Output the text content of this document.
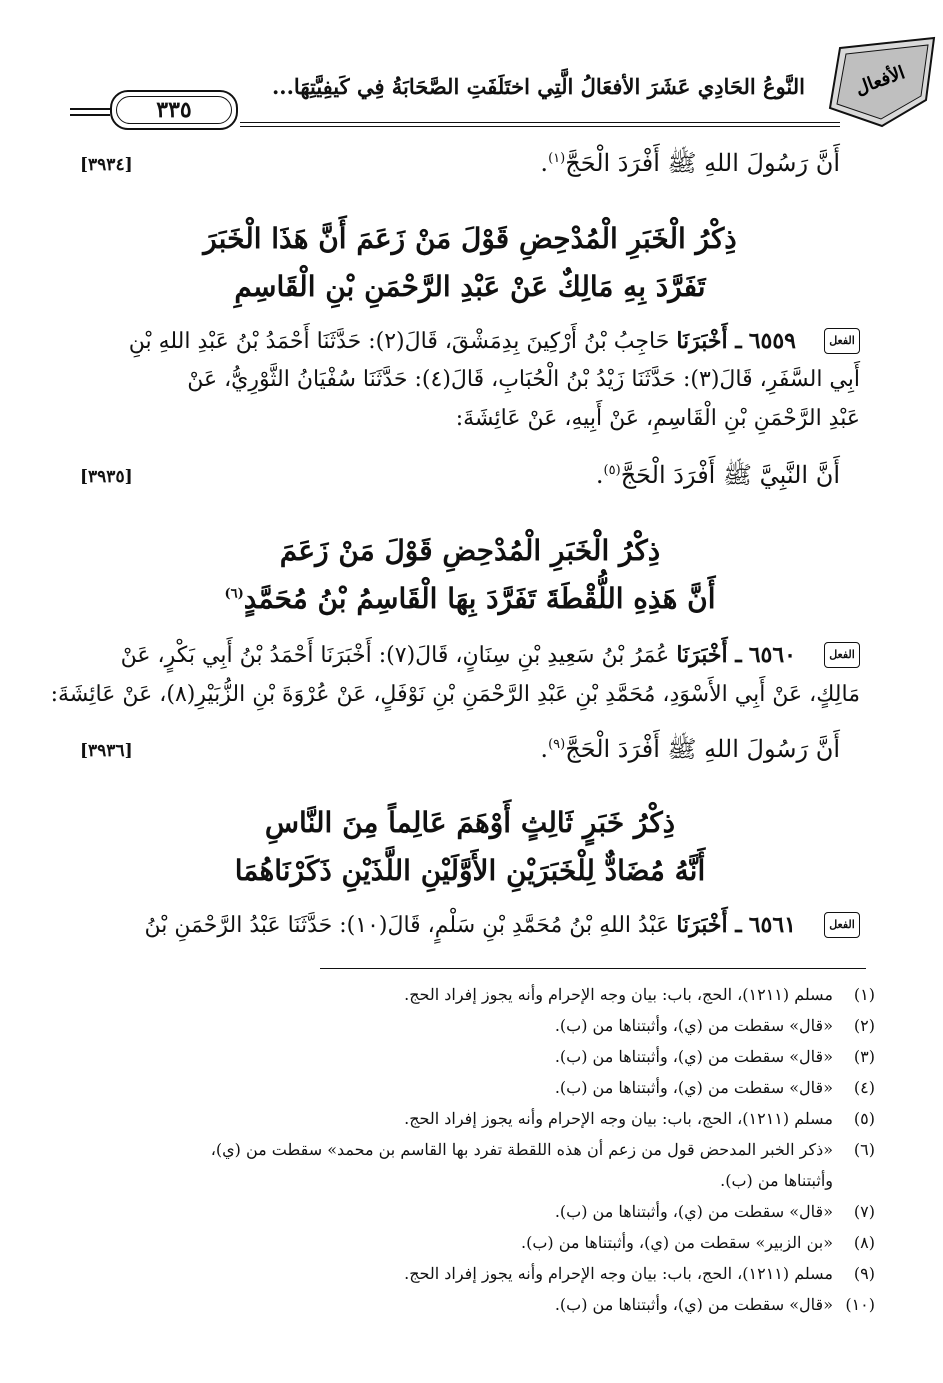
الأفعال
النَّوعُ الحَادِي عَشَرَ الأفعَالُ الَّتِي اختَلَفَتِ الصَّحَابَةُ فِي كَيفِيَّتِهَا...
٣٣٥
أَنَّ رَسُولَ اللهِ ﷺ أَفْرَدَ الْحَجَّ$^{(١)}$.
[٣٩٣٤]
ذِكْرُ الْخَبَرِ الْمُدْحِضِ قَوْلَ مَنْ زَعَمَ أَنَّ هَذَا الْخَبَرَ
تَفَرَّدَ بِهِ مَالِكٌ عَنْ عَبْدِ الرَّحْمَنِ بْنِ الْقَاسِمِ
الفعل
٦٥٥٩ ـ أَخْبَرَنَا حَاجِبُ بْنُ أَرْكِينَ بِدِمَشْقَ، قَالَ(٢): حَدَّثَنَا أَحْمَدُ بْنُ عَبْدِ اللهِ بْنِ
أَبِي السَّفَرِ، قَالَ(٣): حَدَّثَنَا زَيْدُ بْنُ الْحُبَابِ، قَالَ(٤): حَدَّثَنَا سُفْيَانُ الثَّوْرِيُّ، عَنْ
عَبْدِ الرَّحْمَنِ بْنِ الْقَاسِمِ، عَنْ أَبِيهِ، عَنْ عَائِشَةَ:
أَنَّ النَّبِيَّ ﷺ أَفْرَدَ الْحَجَّ$^{(٥)}$.
[٣٩٣٥]
ذِكْرُ الْخَبَرِ الْمُدْحِضِ قَوْلَ مَنْ زَعَمَ
أَنَّ هَذِهِ اللُّقْطَةَ تَفَرَّدَ بِهَا الْقَاسِمُ بْنُ مُحَمَّدٍ$^{(٦)}$
الفعل
٦٥٦٠ ـ أَخْبَرَنَا عُمَرُ بْنُ سَعِيدِ بْنِ سِنَانٍ، قَالَ(٧): أَخْبَرَنَا أَحْمَدُ بْنُ أَبِي بَكْرٍ، عَنْ
مَالِكٍ، عَنْ أَبِي الأَسْوَدِ، مُحَمَّدِ بْنِ عَبْدِ الرَّحْمَنِ بْنِ نَوْفَلٍ، عَنْ عُرْوَةَ بْنِ الزُّبَيْرِ(٨)، عَنْ عَائِشَةَ:
أَنَّ رَسُولَ اللهِ ﷺ أَفْرَدَ الْحَجَّ$^{(٩)}$.
[٣٩٣٦]
ذِكْرُ خَبَرٍ ثَالِثٍ أَوْهَمَ عَالِماً مِنَ النَّاسِ
أَنَّهُ مُضَادٌّ لِلْخَبَرَيْنِ الأَوَّلَيْنِ اللَّذَيْنِ ذَكَرْنَاهُمَا
الفعل
٦٥٦١ ـ أَخْبَرَنَا عَبْدُ اللهِ بْنُ مُحَمَّدِ بْنِ سَلْمٍ، قَالَ(١٠): حَدَّثَنَا عَبْدُ الرَّحْمَنِ بْنُ
(١)مسلم (١٢١١)، الحج، باب: بيان وجه الإحرام وأنه يجوز إفراد الحج.
(٢)«قال» سقطت من (ي)، وأثبتناها من (ب).
(٣)«قال» سقطت من (ي)، وأثبتناها من (ب).
(٤)«قال» سقطت من (ي)، وأثبتناها من (ب).
(٥)مسلم (١٢١١)، الحج، باب: بيان وجه الإحرام وأنه يجوز إفراد الحج.
(٦)«ذكر الخبر المدحض قول من زعم أن هذه اللقطة تفرد بها القاسم بن محمد» سقطت من (ي)،
وأثبتناها من (ب).
(٧)«قال» سقطت من (ي)، وأثبتناها من (ب).
(٨)«بن الزبير» سقطت من (ي)، وأثبتناها من (ب).
(٩)مسلم (١٢١١)، الحج، باب: بيان وجه الإحرام وأنه يجوز إفراد الحج.
(١٠)«قال» سقطت من (ي)، وأثبتناها من (ب).
